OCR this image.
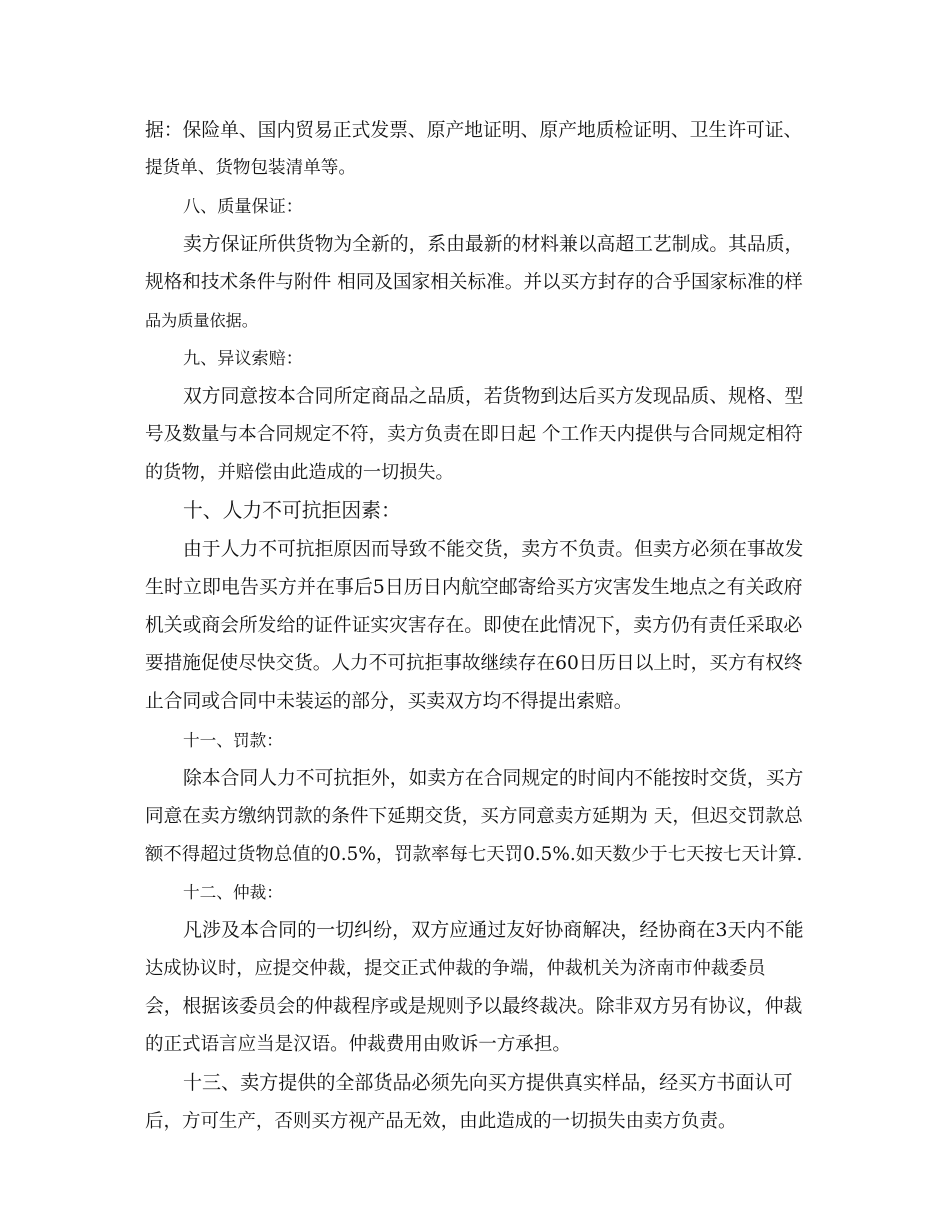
据：保险单、国内贸易正式发票、原产地证明、原产地质检证明、卫生许可证、
提货单、货物包装清单等。
八、质量保证：
卖方保证所供货物为全新的，系由最新的材料兼以高超工艺制成。其品质，
规格和技术条件与附件 相同及国家相关标准。并以买方封存的合乎国家标准的样
品为质量依据。
九、异议索赔：
双方同意按本合同所定商品之品质，若货物到达后买方发现品质、规格、型
号及数量与本合同规定不符，卖方负责在即日起 个工作天内提供与合同规定相符
的货物，并赔偿由此造成的一切损失。
十、人力不可抗拒因素：
由于人力不可抗拒原因而导致不能交货，卖方不负责。但卖方必须在事故发
生时立即电告买方并在事后5日历日内航空邮寄给买方灾害发生地点之有关政府
机关或商会所发给的证件证实灾害存在。即使在此情况下，卖方仍有责任采取必
要措施促使尽快交货。人力不可抗拒事故继续存在60日历日以上时，买方有权终
止合同或合同中未装运的部分，买卖双方均不得提出索赔。
十一、罚款：
除本合同人力不可抗拒外，如卖方在合同规定的时间内不能按时交货，买方
同意在卖方缴纳罚款的条件下延期交货，买方同意卖方延期为 天，但迟交罚款总
额不得超过货物总值的0.5%，罚款率每七天罚0.5%.如天数少于七天按七天计算.
十二、仲裁：
凡涉及本合同的一切纠纷，双方应通过友好协商解决，经协商在3天内不能
达成协议时，应提交仲裁，提交正式仲裁的争端，仲裁机关为济南市仲裁委员
会，根据该委员会的仲裁程序或是规则予以最终裁决。除非双方另有协议，仲裁
的正式语言应当是汉语。仲裁费用由败诉一方承担。
十三、卖方提供的全部货品必须先向买方提供真实样品，经买方书面认可
后，方可生产，否则买方视产品无效，由此造成的一切损失由卖方负责。
